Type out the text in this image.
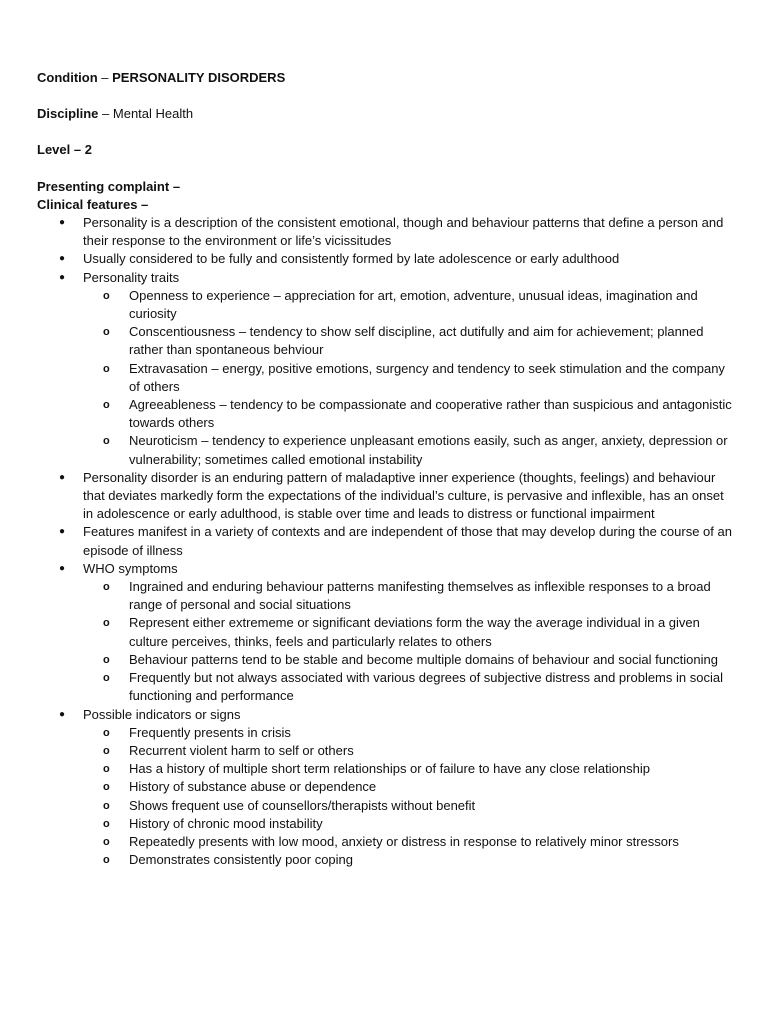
Condition – PERSONALITY DISORDERS

Discipline – Mental Health

Level – 2

Presenting complaint –

Clinical features –

● Personality is a description of the consistent emotional, though and behaviour patterns that define a person and their response to the environment or life’s vicissitudes
● Usually considered to be fully and consistently formed by late adolescence or early adulthood
● Personality traits
o Openness to experience – appreciation for art, emotion, adventure, unusual ideas, imagination and curiosity
o Conscentiousness – tendency to show self discipline, act dutifully and aim for achievement; planned rather than spontaneous behviour
o Extravasation – energy, positive emotions, surgency and tendency to seek stimulation and the company of others
o Agreeableness – tendency to be compassionate and cooperative rather than suspicious and antagonistic towards others
o Neuroticism – tendency to experience unpleasant emotions easily, such as anger, anxiety, depression or vulnerability; sometimes called emotional instability
● Personality disorder is an enduring pattern of maladaptive inner experience (thoughts, feelings) and behaviour that deviates markedly form the expectations of the individual’s culture, is pervasive and inflexible, has an onset in adolescence or early adulthood, is stable over time and leads to distress or functional impairment
● Features manifest in a variety of contexts and are independent of those that may develop during the course of an episode of illness
● WHO symptoms
o Ingrained and enduring behaviour patterns manifesting themselves as inflexible responses to a broad range of personal and social situations
o Represent either extrememe or significant deviations form the way the average individual in a given culture perceives, thinks, feels and particularly relates to others
o Behaviour patterns tend to be stable and become multiple domains of behaviour and social functioning
o Frequently but not always associated with various degrees of subjective distress and problems in social functioning and performance
● Possible indicators or signs
o Frequently presents in crisis
o Recurrent violent harm to self or others
o Has a history of multiple short term relationships or of failure to have any close relationship
o History of substance abuse or dependence
o Shows frequent use of counsellors/therapists without benefit
o History of chronic mood instability
o Repeatedly presents with low mood, anxiety or distress in response to relatively minor stressors
o Demonstrates consistently poor coping
